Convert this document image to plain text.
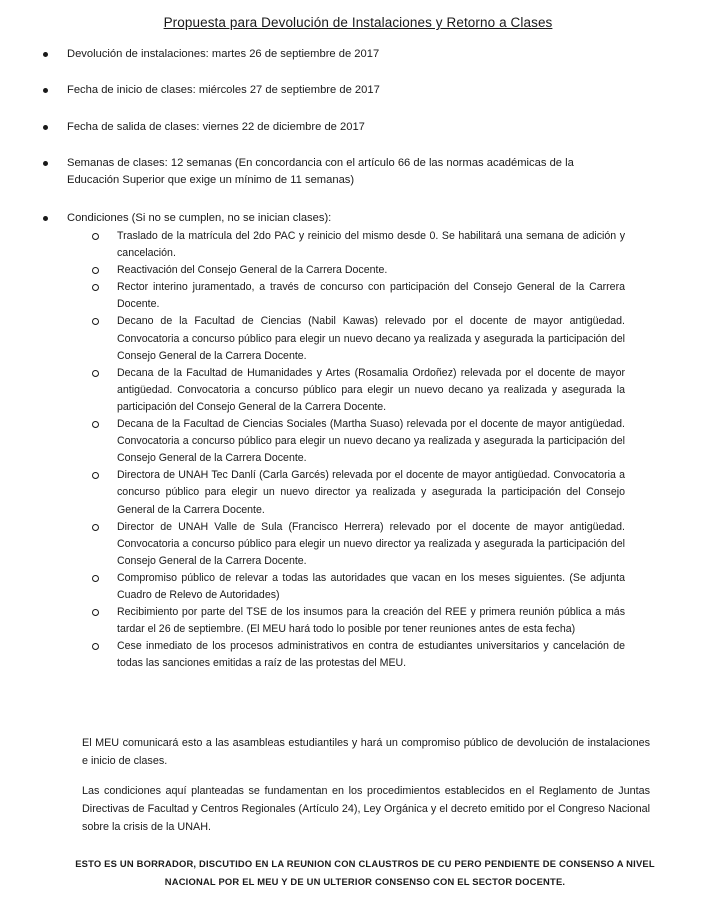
Propuesta para Devolución de Instalaciones y Retorno a Clases
Devolución de instalaciones: martes 26 de septiembre de 2017
Fecha de inicio de clases: miércoles 27 de septiembre de 2017
Fecha de salida de clases: viernes 22 de diciembre de 2017
Semanas de clases: 12 semanas (En concordancia con el artículo 66 de las normas académicas de la Educación Superior que exige un mínimo de 11 semanas)
Condiciones (Si no se cumplen, no se inician clases):
Traslado de la matrícula del 2do PAC y reinicio del mismo desde 0. Se habilitará una semana de adición y cancelación.
Reactivación del Consejo General de la Carrera Docente.
Rector interino juramentado, a través de concurso con participación del Consejo General de la Carrera Docente.
Decano de la Facultad de Ciencias (Nabil Kawas) relevado por el docente de mayor antigüedad. Convocatoria a concurso público para elegir un nuevo decano ya realizada y asegurada la participación del Consejo General de la Carrera Docente.
Decana de la Facultad de Humanidades y Artes (Rosamalia Ordoñez) relevada por el docente de mayor antigüedad. Convocatoria a concurso público para elegir un nuevo decano ya realizada y asegurada la participación del Consejo General de la Carrera Docente.
Decana de la Facultad de Ciencias Sociales (Martha Suaso) relevada por el docente de mayor antigüedad. Convocatoria a concurso público para elegir un nuevo decano ya realizada y asegurada la participación del Consejo General de la Carrera Docente.
Directora de UNAH Tec Danlí (Carla Garcés) relevada por el docente de mayor antigüedad. Convocatoria a concurso público para elegir un nuevo director ya realizada y asegurada la participación del Consejo General de la Carrera Docente.
Director de UNAH Valle de Sula (Francisco Herrera) relevado por el docente de mayor antigüedad. Convocatoria a concurso público para elegir un nuevo director ya realizada y asegurada la participación del Consejo General de la Carrera Docente.
Compromiso público de relevar a todas las autoridades que vacan en los meses siguientes. (Se adjunta Cuadro de Relevo de Autoridades)
Recibimiento por parte del TSE de los insumos para la creación del REE y primera reunión pública a más tardar el 26 de septiembre. (El MEU hará todo lo posible por tener reuniones antes de esta fecha)
Cese inmediato de los procesos administrativos en contra de estudiantes universitarios y cancelación de todas las sanciones emitidas a raíz de las protestas del MEU.
El MEU comunicará esto a las asambleas estudiantiles y hará un compromiso público de devolución de instalaciones e inicio de clases.
Las condiciones aquí planteadas se fundamentan en los procedimientos establecidos en el Reglamento de Juntas Directivas de Facultad y Centros Regionales (Artículo 24), Ley Orgánica y el decreto emitido por el Congreso Nacional sobre la crisis de la UNAH.
ESTO ES UN BORRADOR, DISCUTIDO EN LA REUNION CON CLAUSTROS DE CU PERO PENDIENTE DE CONSENSO A NIVEL NACIONAL POR EL MEU Y DE UN ULTERIOR CONSENSO CON EL SECTOR DOCENTE.
